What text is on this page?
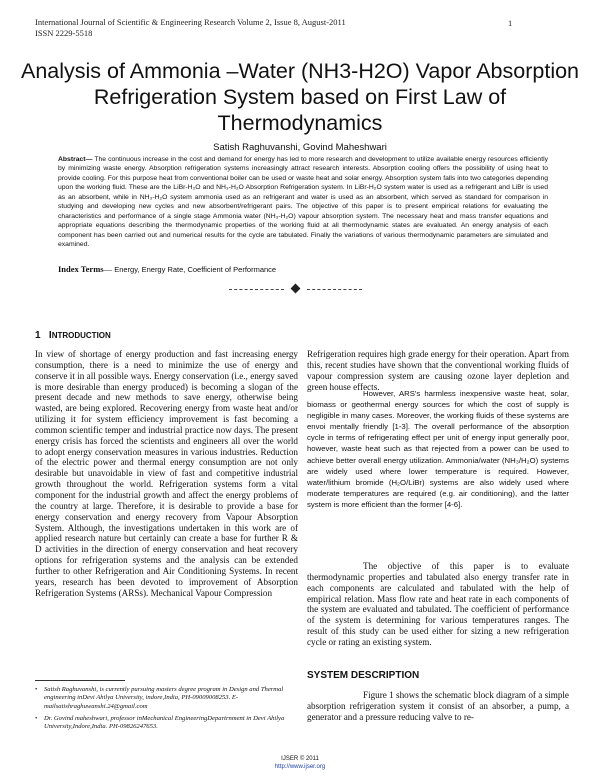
International Journal of Scientific & Engineering Research Volume 2, Issue 8, August-2011
ISSN 2229-5518
1
Analysis of Ammonia –Water (NH3-H2O) Vapor Absorption Refrigeration System based on First Law of Thermodynamics
Satish Raghuvanshi, Govind Maheshwari
Abstract— The continuous increase in the cost and demand for energy has led to more research and development to utilize available energy resources efficiently by minimizing waste energy. Absorption refrigeration systems increasingly attract research interests. Absorption cooling offers the possibility of using heat to provide cooling. For this purpose heat from conventional boiler can be used or waste heat and solar energy. Absorption system falls into two categories depending upon the working fluid. These are the LiBr-H₂O and NH₃-H₂O Absorption Refrigeration system. In LiBr-H₂O system water is used as a refrigerant and LiBr is used as an absorbent, while in NH₃-H₂O system ammonia used as an refrigerant and water is used as an absorbent, which served as standard for comparison in studying and developing new cycles and new absorbent/refrigerant pairs. The objective of this paper is to present empirical relations for evaluating the characteristics and performance of a single stage Ammonia water (NH₃-H₂O) vapour absorption system. The necessary heat and mass transfer equations and appropriate equations describing the thermodynamic properties of the working fluid at all thermodynamic states are evaluated. An energy analysis of each component has been carried out and numerical results for the cycle are tabulated. Finally the variations of various thermodynamic parameters are simulated and examined.
Index Terms— Energy, Energy Rate, Coefficient of Performance
1 INTRODUCTION

In view of shortage of energy production and fast increasing energy consumption, there is a need to minimize the use of energy and conserve it in all possible ways. Energy conservation (i.e., energy saved is more desirable than energy produced) is becoming a slogan of the present decade and new methods to save energy, otherwise being wasted, are being explored. Recovering energy from waste heat and/or utilizing it for system efficiency improvement is fast becoming a common scientific temper and industrial practice now days. The present energy crisis has forced the scientists and engineers all over the world to adopt energy conservation measures in various industries. Reduction of the electric power and thermal energy consumption are not only desirable but unavoidable in view of fast and competitive industrial growth throughout the world. Refrigeration systems form a vital component for the industrial growth and affect the energy problems of the country at large. Therefore, it is desirable to provide a base for energy conservation and energy recovery from Vapour Absorption System. Although, the investigations undertaken in this work are of applied research nature but certainly can create a base for further R & D activities in the direction of energy conservation and heat recovery options for refrigeration systems and the analysis can be extended further to other Refrigeration and Air Conditioning Systems. In recent years, research has been devoted to improvement of Absorption Refrigeration Systems (ARSs). Mechanical Vapour Compression

Refrigeration requires high grade energy for their operation. Apart from this, recent studies have shown that the conventional working fluids of vapour compression system are causing ozone layer depletion and green house effects.

However, ARS's harmless inexpensive waste heat, solar, biomass or geothermal energy sources for which the cost of supply is negligible in many cases. Moreover, the working fluids of these systems are envoi mentally friendly [1-3]. The overall performance of the absorption cycle in terms of refrigerating effect per unit of energy input generally poor, however, waste heat such as that rejected from a power can be used to achieve better overall energy utilization. Ammonia/water (NH₃/H₂O) systems are widely used where lower temperature is required. However, water/lithium bromide (H₂O/LiBr) systems are also widely used where moderate temperatures are required (e.g. air conditioning), and the latter system is more efficient than the former [4-6].

The objective of this paper is to evaluate thermodynamic properties and tabulated also energy transfer rate in each components are calculated and tabulated with the help of empirical relation. Mass flow rate and heat rate in each components of the system are evaluated and tabulated. The coefficient of performance of the system is determining for various temperatures ranges. The result of this study can be used either for sizing a new refrigeration cycle or rating an existing system.

SYSTEM DESCRIPTION

Figure 1 shows the schematic block diagram of a simple absorption refrigeration system it consist of an absorber, a pump, a generator and a pressure reducing valve to re-

• Satish Raghuvanshi, is currently pursuing masters degree program in Design and Thermal engineering inDevi Ahilya University, indore,India, PH-09009008253. E-mailsatishraghuwanshi.24@gmail.com
• Dr. Govind maheshwari, professor inMechanical EngineeringDepartrnment in Devi Ahilya University,Indore,India. PH-09826247653.
IJSER © 2011
http://www.ijser.org
